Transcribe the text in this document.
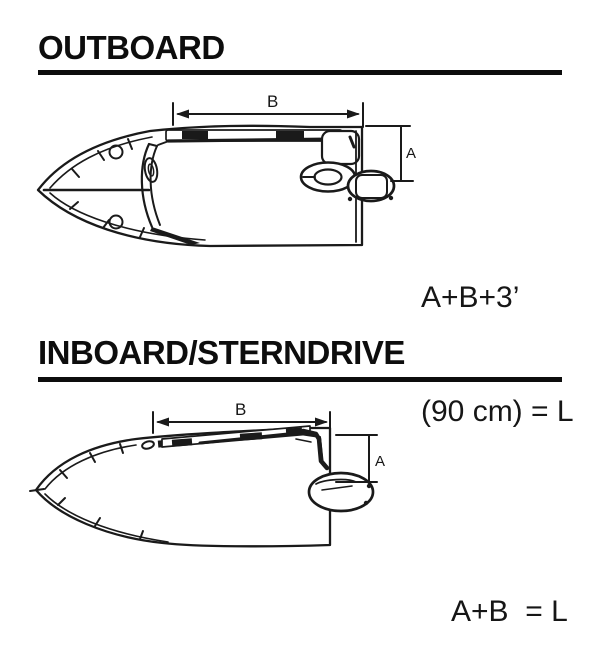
OUTBOARD
B
A

A+B+3’

(90 cm) = L

INBOARD/STERNDRIVE
B
A

A+B  = L
